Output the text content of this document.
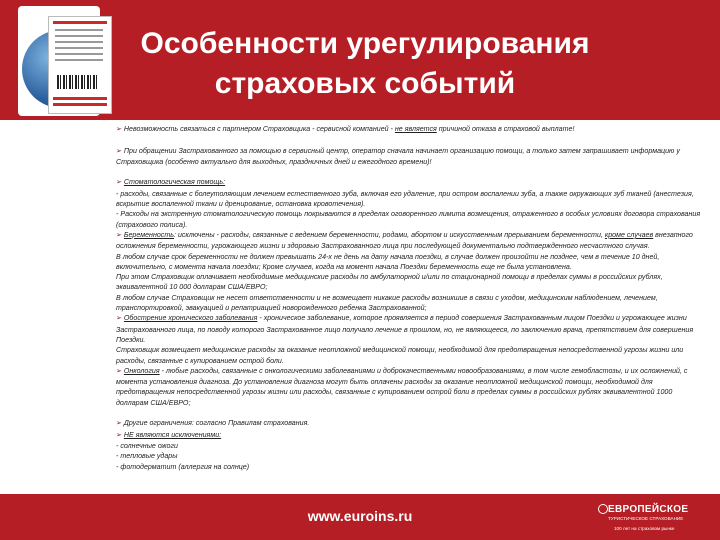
Особенности урегулирования
страховых событий

➢ Невозможность связаться с партнером Страховщика - сервисной компанией - не является причиной отказа в страховой выплате!

➢ При обращении Застрахованного за помощью в сервисный центр, оператор сначала начинает организацию помощи, а только затем запрашивает информацию у Страховщика (особенно актуально для выходных, праздничных дней и ежегодного времени)!

➢ Стоматологическая помощь:

- расходы, связанные с болеутоляющим лечением естественного зуба, включая его удаление, при остром воспалении зуба, а также окружающих зуб тканей (анестезия, вскрытие воспаленной ткани и дренирование, остановка кровотечения).

- Расходы на экстренную стоматологическую помощь покрываются в пределах оговоренного лимита возмещения, отраженного в особых условиях договора страхования (страхового полиса).

➢ Беременность: исключены - расходы, связанные с ведением беременности, родами, абортом и искусственным прерыванием беременности, кроме случаев внезапного осложнения беременности, угрожающего жизни и здоровью Застрахованного лица при последующей документально подтвержденного несчастного случая.

В любом случае срок беременности не должен превышать 24-х не день на дату начала поездки, в случае должен произойти не позднее, чем в течение 10 дней, включительно, с момента начала поездки; Кроме случаев, когда на момент начала Поездки беременность еще не была установлена.

При этом Страховщик оплачивает необходимые медицинские расходы по амбулаторной и/или по стационарной помощи в пределах суммы в российских рублях, эквивалентной 10 000 долларам США/ЕВРО;

В любом случае Страховщик не несет ответственности и не возмещает никакие расходы возникшие в связи с уходом, медицинским наблюдением, лечением, транспортировкой, эвакуацией и репатриацией новорожденного ребенка Застрахованной;

➢ Обострение хронического заболевания - хроническое заболевание, которое проявляется в период совершения Застрахованным лицом Поездки и угрожающее жизни Застрахованного лица, по поводу которого Застрахованное лицо получало лечение в прошлом, но, не являющееся, по заключению врача, препятствием для совершения Поездки.

Страховщик возмещает медицинские расходы за оказание неотложной медицинской помощи, необходимой для предотвращения непосредственной угрозы жизни или расходы, связанные с купированием острой боли.

➢ Онкология - любые расходы, связанные с онкологическими заболеваниями и доброкачественными новообразованиями, в том числе гемобластозы, и их осложнений, с момента установления диагноза. До установления диагноза могут быть оплачены расходы за оказание неотложной медицинской помощи, необходимой для предотвращения непосредственной угрозы жизни или расходы, связанные с купированием острой боли в пределах суммы в российских рублях эквивалентной 1000 долларам США/ЕВРО;

➢ Другие ограничения: согласно Правилам страхования.

➢ НЕ являются исключениями:

- солнечные ожоги

- тепловые удары

- фотодерматит (аллергия на солнце)

www.euroins.ru	ЕВРОПЕЙСКОЕ
ТУРИСТИЧЕСКОЕ СТРАХОВАНИЕ
100 лет на страховом рынке
